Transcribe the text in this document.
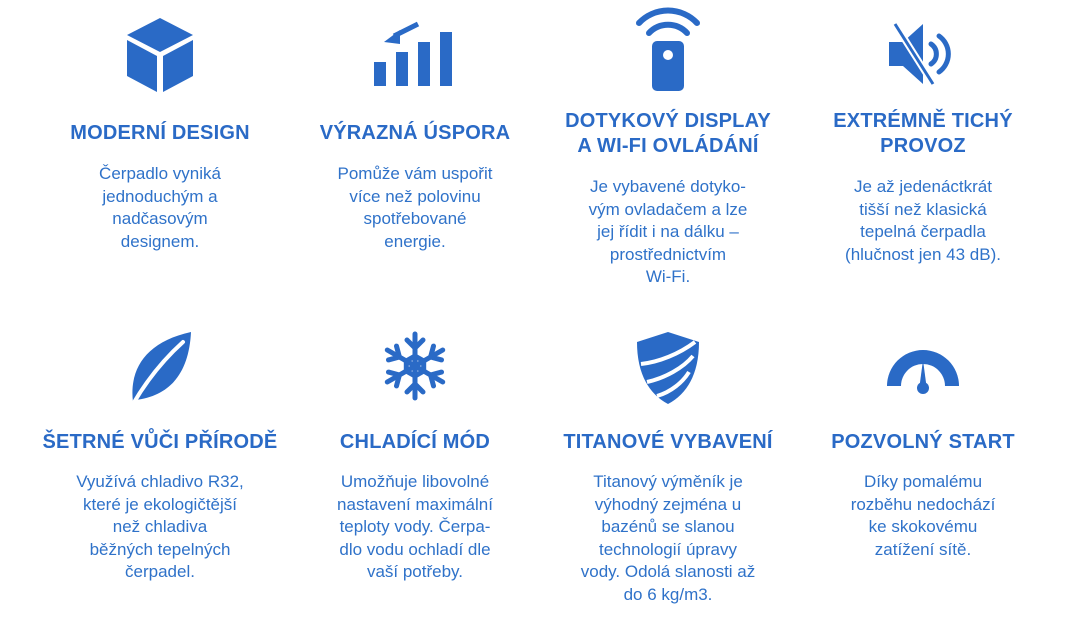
MODERNÍ DESIGN
Čerpadlo vyniká
jednoduchým a
nadčasovým
designem.
VÝRAZNÁ ÚSPORA
Pomůže vám uspořit
více než polovinu
spotřebované
energie.
DOTYKOVÝ DISPLAY
A WI-FI OVLÁDÁNÍ
Je vybavené dotyko-
vým ovladačem a lze
jej řídit i na dálku –
prostřednictvím
Wi-Fi.
EXTRÉMNĚ TICHÝ
PROVOZ
Je až jedenáctkrát
tišší než klasická
tepelná čerpadla
(hlučnost jen 43 dB).
ŠETRNÉ VŮČI PŘÍRODĚ
Využívá chladivo R32,
které je ekologičtější
než chladiva
běžných tepelných
čerpadel.
CHLADÍCÍ MÓD
Umožňuje libovolné
nastavení maximální
teploty vody. Čerpa-
dlo vodu ochladí dle
vaší potřeby.
TITANOVÉ VYBAVENÍ
Titanový výměník je
výhodný zejména u
bazénů se slanou
technologií úpravy
vody. Odolá slanosti až
do 6 kg/m3.
POZVOLNÝ START
Díky pomalému
rozběhu nedochází
ke skokovému
zatížení sítě.
